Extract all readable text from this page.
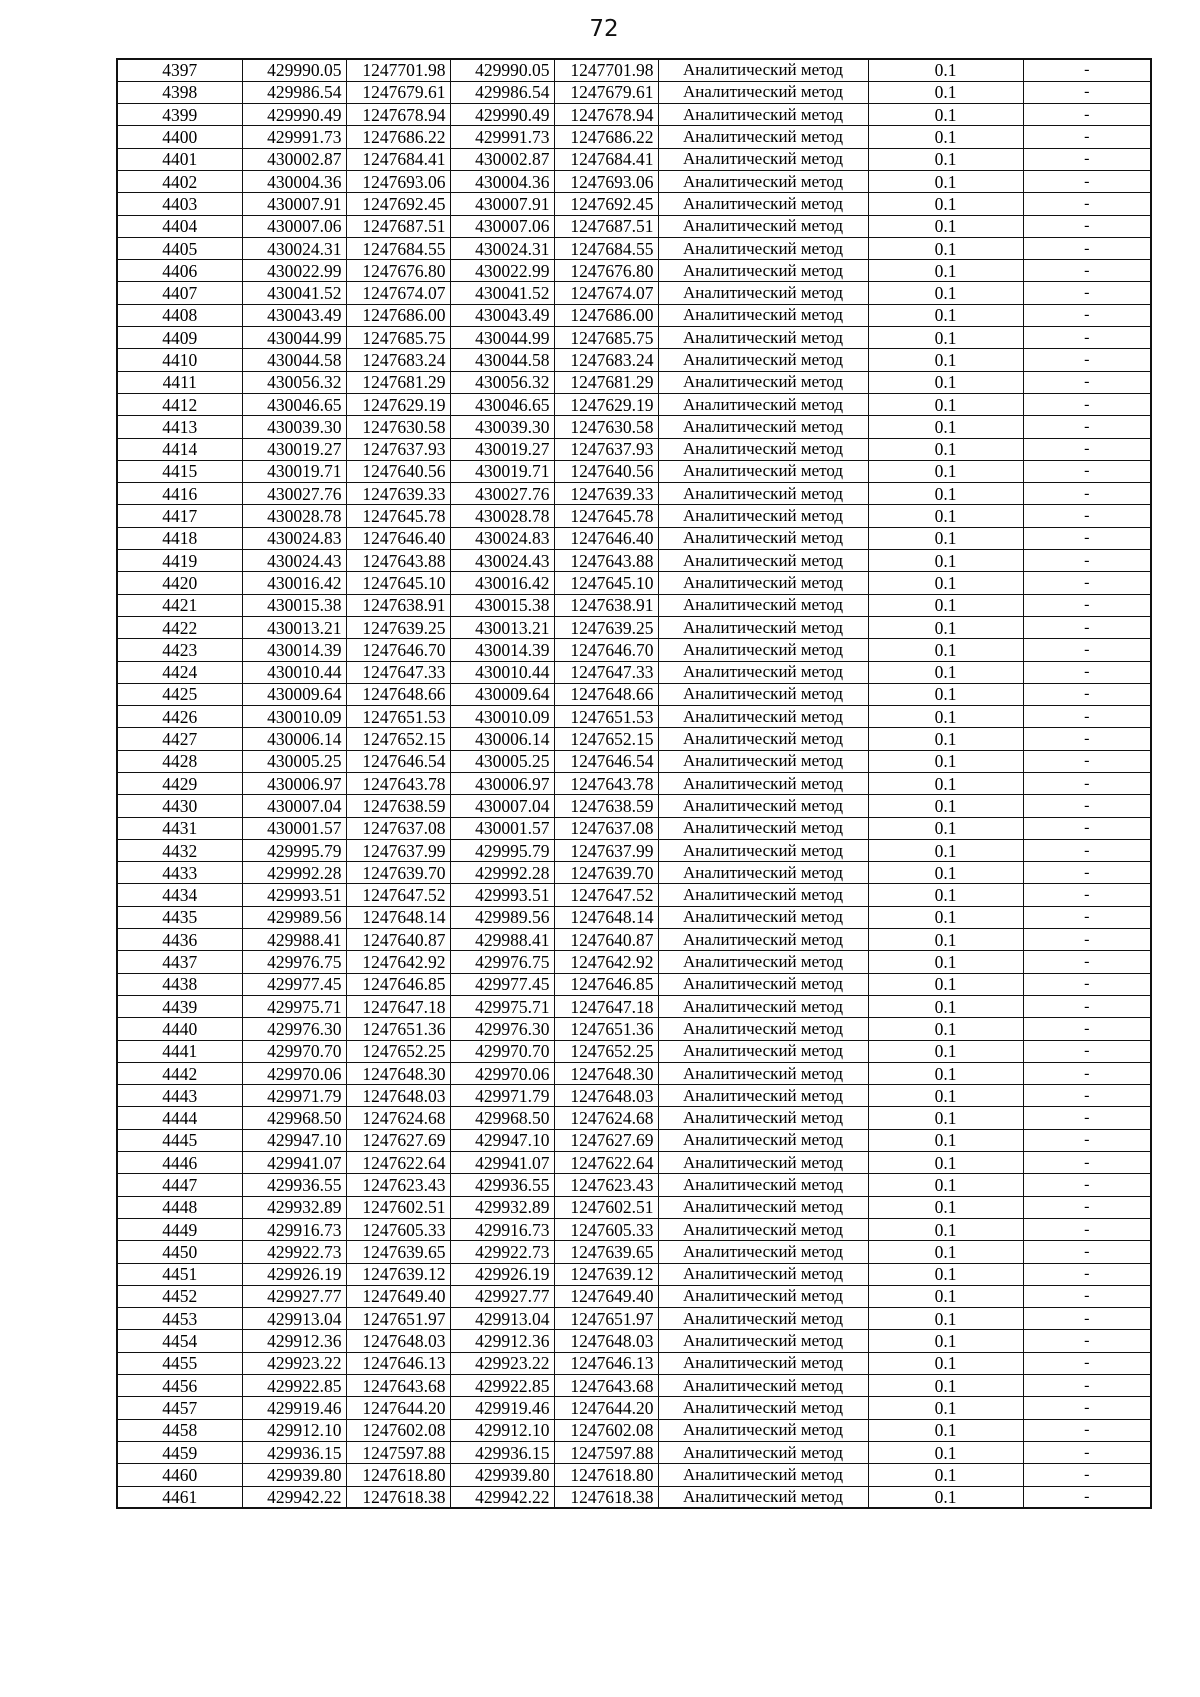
72
4397	429990.05	1247701.98	429990.05	1247701.98	Аналитический метод	0.1	-
4398	429986.54	1247679.61	429986.54	1247679.61	Аналитический метод	0.1	-
4399	429990.49	1247678.94	429990.49	1247678.94	Аналитический метод	0.1	-
4400	429991.73	1247686.22	429991.73	1247686.22	Аналитический метод	0.1	-
4401	430002.87	1247684.41	430002.87	1247684.41	Аналитический метод	0.1	-
4402	430004.36	1247693.06	430004.36	1247693.06	Аналитический метод	0.1	-
4403	430007.91	1247692.45	430007.91	1247692.45	Аналитический метод	0.1	-
4404	430007.06	1247687.51	430007.06	1247687.51	Аналитический метод	0.1	-
4405	430024.31	1247684.55	430024.31	1247684.55	Аналитический метод	0.1	-
4406	430022.99	1247676.80	430022.99	1247676.80	Аналитический метод	0.1	-
4407	430041.52	1247674.07	430041.52	1247674.07	Аналитический метод	0.1	-
4408	430043.49	1247686.00	430043.49	1247686.00	Аналитический метод	0.1	-
4409	430044.99	1247685.75	430044.99	1247685.75	Аналитический метод	0.1	-
4410	430044.58	1247683.24	430044.58	1247683.24	Аналитический метод	0.1	-
4411	430056.32	1247681.29	430056.32	1247681.29	Аналитический метод	0.1	-
4412	430046.65	1247629.19	430046.65	1247629.19	Аналитический метод	0.1	-
4413	430039.30	1247630.58	430039.30	1247630.58	Аналитический метод	0.1	-
4414	430019.27	1247637.93	430019.27	1247637.93	Аналитический метод	0.1	-
4415	430019.71	1247640.56	430019.71	1247640.56	Аналитический метод	0.1	-
4416	430027.76	1247639.33	430027.76	1247639.33	Аналитический метод	0.1	-
4417	430028.78	1247645.78	430028.78	1247645.78	Аналитический метод	0.1	-
4418	430024.83	1247646.40	430024.83	1247646.40	Аналитический метод	0.1	-
4419	430024.43	1247643.88	430024.43	1247643.88	Аналитический метод	0.1	-
4420	430016.42	1247645.10	430016.42	1247645.10	Аналитический метод	0.1	-
4421	430015.38	1247638.91	430015.38	1247638.91	Аналитический метод	0.1	-
4422	430013.21	1247639.25	430013.21	1247639.25	Аналитический метод	0.1	-
4423	430014.39	1247646.70	430014.39	1247646.70	Аналитический метод	0.1	-
4424	430010.44	1247647.33	430010.44	1247647.33	Аналитический метод	0.1	-
4425	430009.64	1247648.66	430009.64	1247648.66	Аналитический метод	0.1	-
4426	430010.09	1247651.53	430010.09	1247651.53	Аналитический метод	0.1	-
4427	430006.14	1247652.15	430006.14	1247652.15	Аналитический метод	0.1	-
4428	430005.25	1247646.54	430005.25	1247646.54	Аналитический метод	0.1	-
4429	430006.97	1247643.78	430006.97	1247643.78	Аналитический метод	0.1	-
4430	430007.04	1247638.59	430007.04	1247638.59	Аналитический метод	0.1	-
4431	430001.57	1247637.08	430001.57	1247637.08	Аналитический метод	0.1	-
4432	429995.79	1247637.99	429995.79	1247637.99	Аналитический метод	0.1	-
4433	429992.28	1247639.70	429992.28	1247639.70	Аналитический метод	0.1	-
4434	429993.51	1247647.52	429993.51	1247647.52	Аналитический метод	0.1	-
4435	429989.56	1247648.14	429989.56	1247648.14	Аналитический метод	0.1	-
4436	429988.41	1247640.87	429988.41	1247640.87	Аналитический метод	0.1	-
4437	429976.75	1247642.92	429976.75	1247642.92	Аналитический метод	0.1	-
4438	429977.45	1247646.85	429977.45	1247646.85	Аналитический метод	0.1	-
4439	429975.71	1247647.18	429975.71	1247647.18	Аналитический метод	0.1	-
4440	429976.30	1247651.36	429976.30	1247651.36	Аналитический метод	0.1	-
4441	429970.70	1247652.25	429970.70	1247652.25	Аналитический метод	0.1	-
4442	429970.06	1247648.30	429970.06	1247648.30	Аналитический метод	0.1	-
4443	429971.79	1247648.03	429971.79	1247648.03	Аналитический метод	0.1	-
4444	429968.50	1247624.68	429968.50	1247624.68	Аналитический метод	0.1	-
4445	429947.10	1247627.69	429947.10	1247627.69	Аналитический метод	0.1	-
4446	429941.07	1247622.64	429941.07	1247622.64	Аналитический метод	0.1	-
4447	429936.55	1247623.43	429936.55	1247623.43	Аналитический метод	0.1	-
4448	429932.89	1247602.51	429932.89	1247602.51	Аналитический метод	0.1	-
4449	429916.73	1247605.33	429916.73	1247605.33	Аналитический метод	0.1	-
4450	429922.73	1247639.65	429922.73	1247639.65	Аналитический метод	0.1	-
4451	429926.19	1247639.12	429926.19	1247639.12	Аналитический метод	0.1	-
4452	429927.77	1247649.40	429927.77	1247649.40	Аналитический метод	0.1	-
4453	429913.04	1247651.97	429913.04	1247651.97	Аналитический метод	0.1	-
4454	429912.36	1247648.03	429912.36	1247648.03	Аналитический метод	0.1	-
4455	429923.22	1247646.13	429923.22	1247646.13	Аналитический метод	0.1	-
4456	429922.85	1247643.68	429922.85	1247643.68	Аналитический метод	0.1	-
4457	429919.46	1247644.20	429919.46	1247644.20	Аналитический метод	0.1	-
4458	429912.10	1247602.08	429912.10	1247602.08	Аналитический метод	0.1	-
4459	429936.15	1247597.88	429936.15	1247597.88	Аналитический метод	0.1	-
4460	429939.80	1247618.80	429939.80	1247618.80	Аналитический метод	0.1	-
4461	429942.22	1247618.38	429942.22	1247618.38	Аналитический метод	0.1	-
